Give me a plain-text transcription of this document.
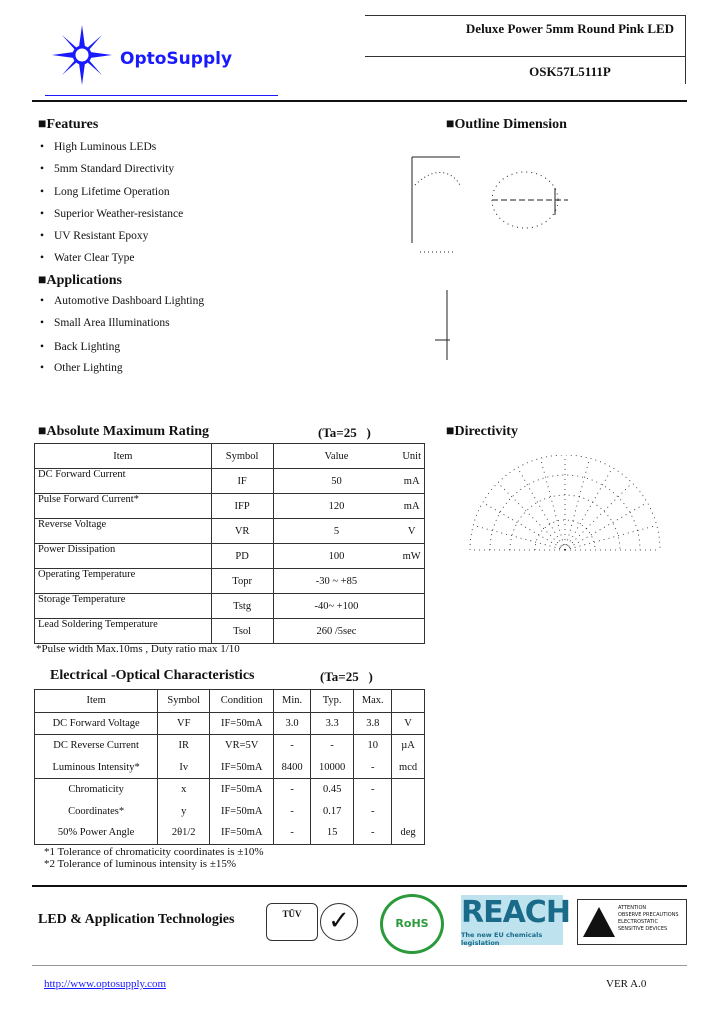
OptoSupply
Deluxe Power 5mm Round Pink LED
OSK57L5111P
■Features
• High Luminous LEDs
• 5mm Standard Directivity
• Long Lifetime Operation
• Superior Weather-resistance
• UV Resistant Epoxy
• Water Clear Type
■Applications
• Automotive Dashboard Lighting
• Small Area Illuminations
• Back Lighting
• Other Lighting
■Outline Dimension
■Directivity
■Absolute Maximum Rating	(Ta=25   )
Item	Symbol	Value	Unit
DC Forward Current	IF	50	mA
Pulse Forward Current*	IFP	120	mA
Reverse Voltage	VR	5	V
Power Dissipation	PD	100	mW
Operating Temperature	Topr	-30 ~ +85	
Storage Temperature	Tstg	-40~ +100	
Lead Soldering Temperature	Tsol	260 /5sec	
*Pulse width Max.10ms , Duty ratio max 1/10
Electrical -Optical Characteristics	(Ta=25   )
Item	Symbol	Condition	Min.	Typ.	Max.	
DC Forward Voltage	VF	IF=50mA	3.0	3.3	3.8	V
DC Reverse Current	IR	VR=5V	-	-	10	µA
Luminous Intensity*	Iv	IF=50mA	8400	10000	-	mcd
Chromaticity	x	IF=50mA	-	0.45	-	
Coordinates*	y	IF=50mA	-	0.17	-	
50% Power Angle	2θ1/2	IF=50mA	-	15	-	deg
*1 Tolerance of chromaticity coordinates is ±10%
*2 Tolerance of luminous intensity is ±15%
LED & Application Technologies	TÜV	✓	RoHS	REACH
The new EU chemicals legislation
ATTENTION
OBSERVE PRECAUTIONS
ELECTROSTATIC
SENSITIVE DEVICES
http://www.optosupply.com	VER A.0
